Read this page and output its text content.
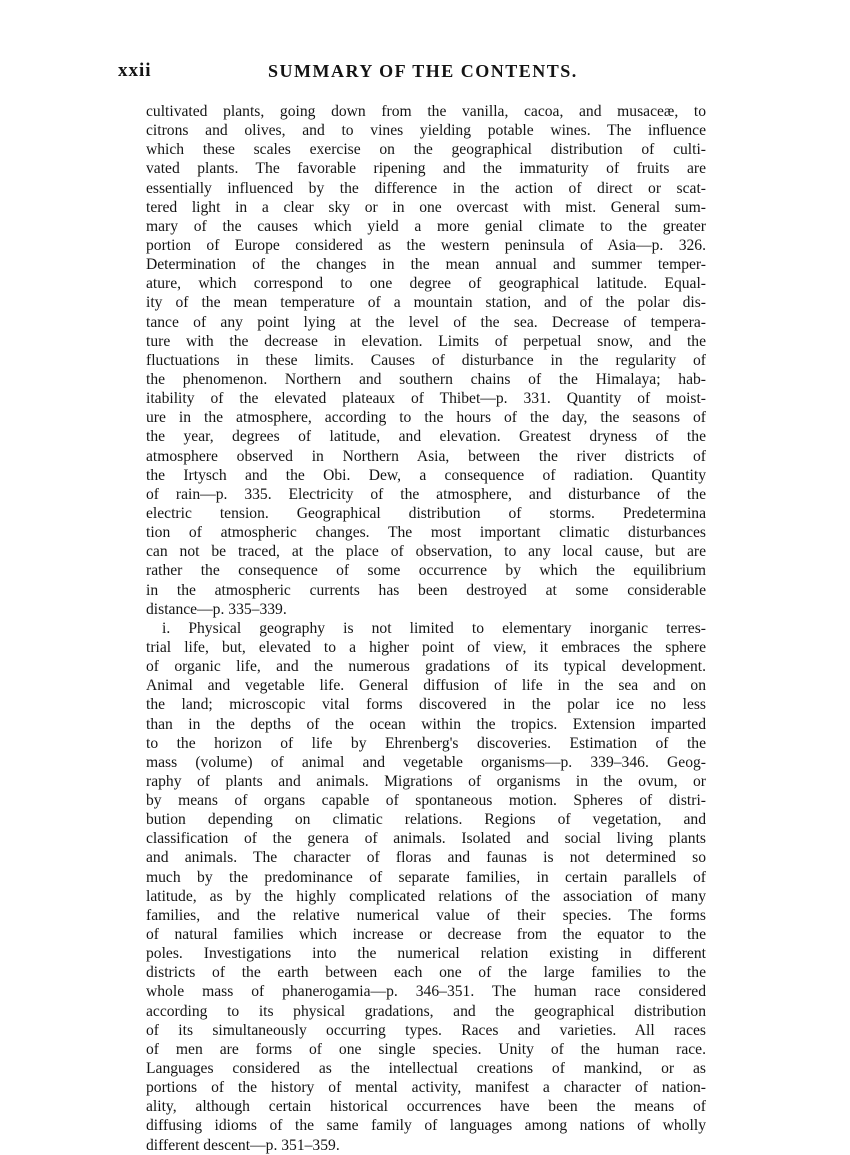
xxii	SUMMARY OF THE CONTENTS.
cultivated plants, going down from the vanilla, cacoa, and musaceæ, to
citrons and olives, and to vines yielding potable wines. The influence
which these scales exercise on the geographical distribution of culti-
vated plants. The favorable ripening and the immaturity of fruits are
essentially influenced by the difference in the action of direct or scat-
tered light in a clear sky or in one overcast with mist. General sum-
mary of the causes which yield a more genial climate to the greater
portion of Europe considered as the western peninsula of Asia—p. 326.
Determination of the changes in the mean annual and summer temper-
ature, which correspond to one degree of geographical latitude. Equal-
ity of the mean temperature of a mountain station, and of the polar dis-
tance of any point lying at the level of the sea. Decrease of tempera-
ture with the decrease in elevation. Limits of perpetual snow, and the
fluctuations in these limits. Causes of disturbance in the regularity of
the phenomenon. Northern and southern chains of the Himalaya; hab-
itability of the elevated plateaux of Thibet—p. 331. Quantity of moist-
ure in the atmosphere, according to the hours of the day, the seasons of
the year, degrees of latitude, and elevation. Greatest dryness of the
atmosphere observed in Northern Asia, between the river districts of
the Irtysch and the Obi. Dew, a consequence of radiation. Quantity
of rain—p. 335. Electricity of the atmosphere, and disturbance of the
electric tension. Geographical distribution of storms. Predetermina
tion of atmospheric changes. The most important climatic disturbances
can not be traced, at the place of observation, to any local cause, but are
rather the consequence of some occurrence by which the equilibrium
in the atmospheric currents has been destroyed at some considerable
distance—p. 335–339.
i. Physical geography is not limited to elementary inorganic terres-
trial life, but, elevated to a higher point of view, it embraces the sphere
of organic life, and the numerous gradations of its typical development.
Animal and vegetable life. General diffusion of life in the sea and on
the land; microscopic vital forms discovered in the polar ice no less
than in the depths of the ocean within the tropics. Extension imparted
to the horizon of life by Ehrenberg's discoveries. Estimation of the
mass (volume) of animal and vegetable organisms—p. 339–346. Geog-
raphy of plants and animals. Migrations of organisms in the ovum, or
by means of organs capable of spontaneous motion. Spheres of distri-
bution depending on climatic relations. Regions of vegetation, and
classification of the genera of animals. Isolated and social living plants
and animals. The character of floras and faunas is not determined so
much by the predominance of separate families, in certain parallels of
latitude, as by the highly complicated relations of the association of many
families, and the relative numerical value of their species. The forms
of natural families which increase or decrease from the equator to the
poles. Investigations into the numerical relation existing in different
districts of the earth between each one of the large families to the
whole mass of phanerogamia—p. 346–351. The human race considered
according to its physical gradations, and the geographical distribution
of its simultaneously occurring types. Races and varieties. All races
of men are forms of one single species. Unity of the human race.
Languages considered as the intellectual creations of mankind, or as
portions of the history of mental activity, manifest a character of nation-
ality, although certain historical occurrences have been the means of
diffusing idioms of the same family of languages among nations of wholly
different descent—p. 351–359.
